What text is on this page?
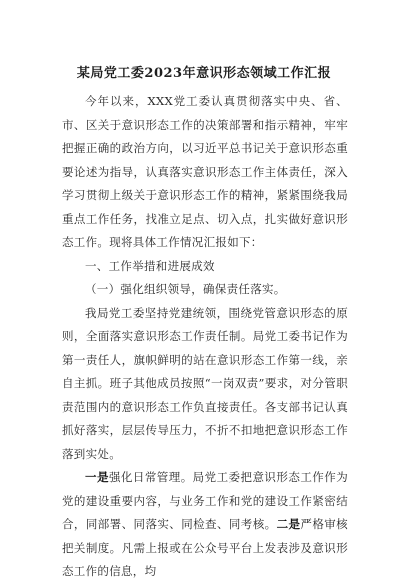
某局党工委2023年意识形态领域工作汇报

今年以来，XXX党工委认真贯彻落实中央、省、市、区关于意识形态工作的决策部署和指示精神，牢牢把握正确的政治方向，以习近平总书记关于意识形态重要论述为指导，认真落实意识形态工作主体责任，深入学习贯彻上级关于意识形态工作的精神，紧紧围绕我局重点工作任务，找准立足点、切入点，扎实做好意识形态工作。现将具体工作情况汇报如下：

一、工作举措和进展成效

（一）强化组织领导，确保责任落实。

我局党工委坚持党建统领，围绕党管意识形态的原则，全面落实意识形态工作责任制。局党工委书记作为第一责任人，旗帜鲜明的站在意识形态工作第一线，亲自主抓。班子其他成员按照“一岗双责”要求，对分管职责范围内的意识形态工作负直接责任。各支部书记认真抓好落实，层层传导压力，不折不扣地把意识形态工作落到实处。

一是强化日常管理。局党工委把意识形态工作作为党的建设重要内容，与业务工作和党的建设工作紧密结合，同部署、同落实、同检查、同考核。二是严格审核把关制度。凡需上报或在公众号平台上发表涉及意识形态工作的信息，均
